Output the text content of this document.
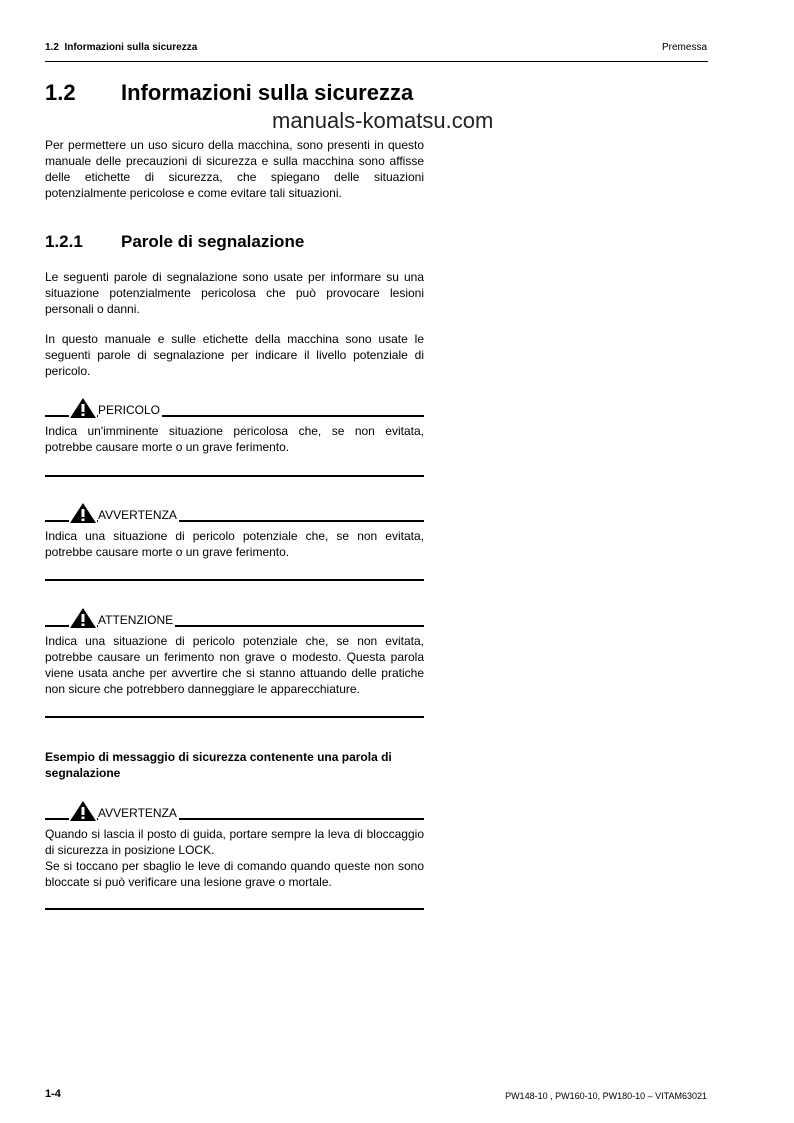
1.2 Informazioni sulla sicurezza	Premessa
1.2 Informazioni sulla sicurezza
manuals-komatsu.com
Per permettere un uso sicuro della macchina, sono presenti in questo manuale delle precauzioni di sicurezza e sulla macchina sono affisse delle etichette di sicurezza, che spiegano delle situazioni potenzialmente pericolose e come evitare tali situazioni.
1.2.1 Parole di segnalazione
Le seguenti parole di segnalazione sono usate per informare su una situazione potenzialmente pericolosa che può provocare lesioni personali o danni.
In questo manuale e sulle etichette della macchina sono usate le seguenti parole di segnalazione per indicare il livello potenziale di pericolo.
PERICOLO
Indica un'imminente situazione pericolosa che, se non evitata, potrebbe causare morte o un grave ferimento.
AVVERTENZA
Indica una situazione di pericolo potenziale che, se non evitata, potrebbe causare morte o un grave ferimento.
ATTENZIONE
Indica una situazione di pericolo potenziale che, se non evitata, potrebbe causare un ferimento non grave o modesto. Questa parola viene usata anche per avvertire che si stanno attuando delle pratiche non sicure che potrebbero danneggiare le apparecchiature.
Esempio di messaggio di sicurezza contenente una parola di segnalazione
AVVERTENZA
Quando si lascia il posto di guida, portare sempre la leva di bloccaggio di sicurezza in posizione LOCK.
Se si toccano per sbaglio le leve di comando quando queste non sono bloccate si può verificare una lesione grave o mortale.
1-4	PW148-10 , PW160-10, PW180-10 – VITAM63021
